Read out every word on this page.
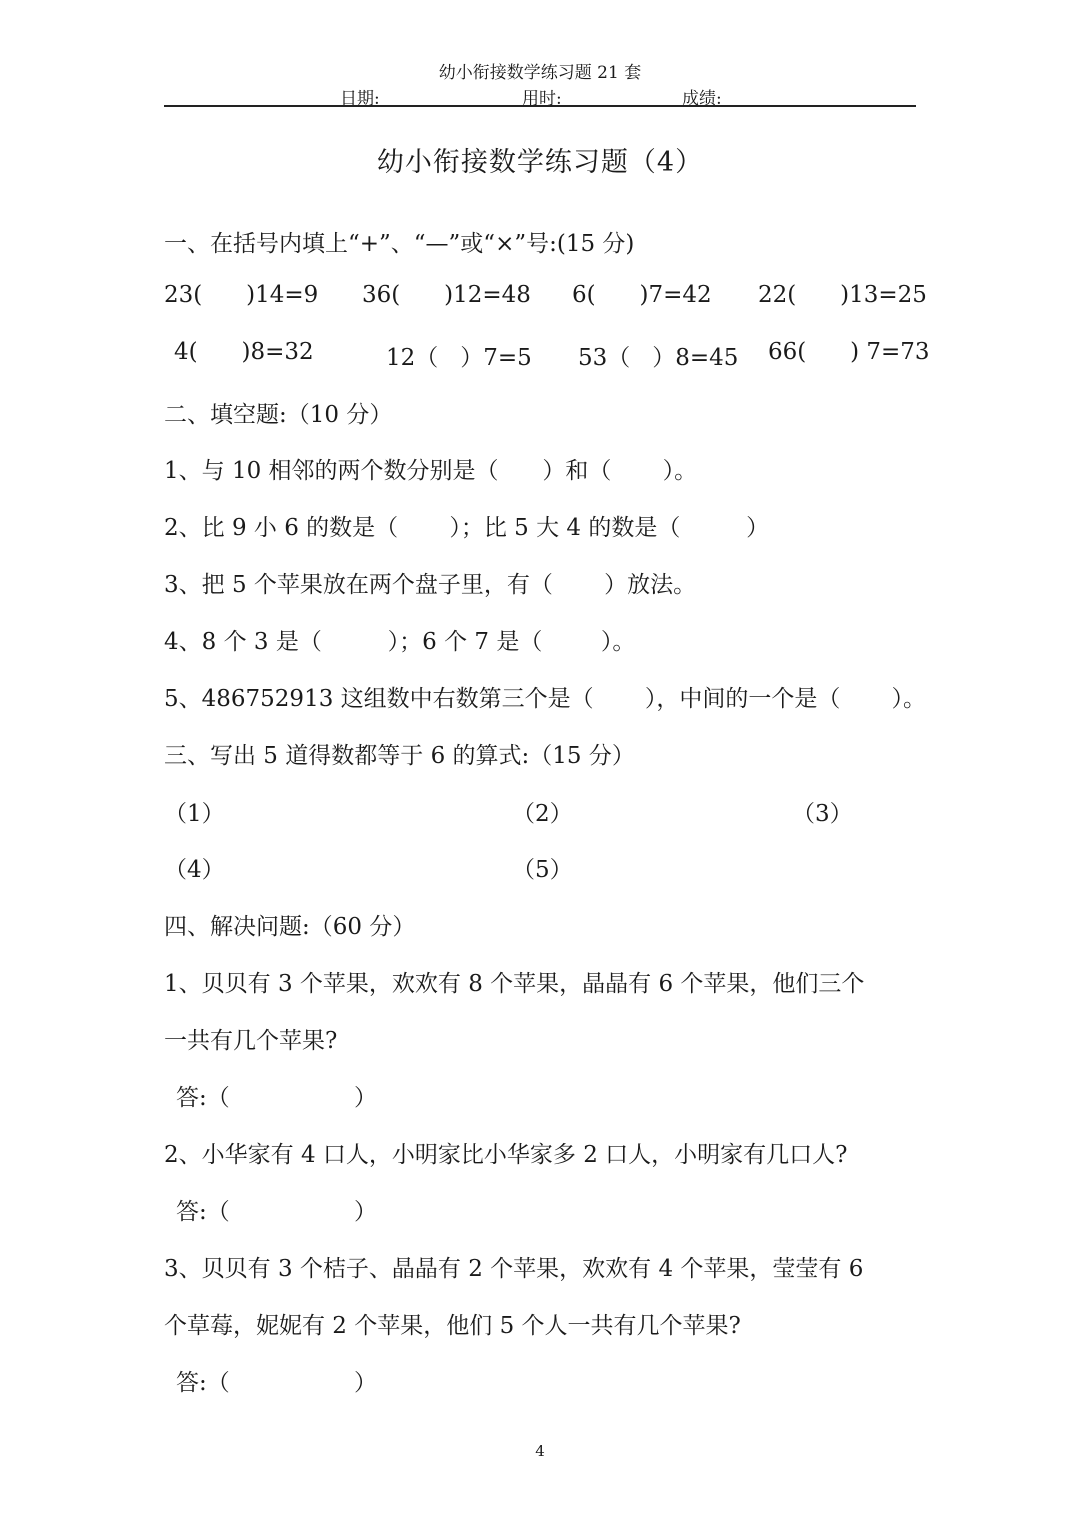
幼小衔接数学练习题 21 套
日期:	用时:	成绩:
幼小衔接数学练习题（4）
一、在括号内填上“+”、“—”或“×”号:(15 分)
23(      )14=9 36(      )12=48 6(      )7=42 22(      )13=25
4(      )8=32	12（   ）7=5 53（   ）8=45 66(      ) 7=73
二、填空题:（10 分）
1、与 10 相邻的两个数分别是（      ）和（       ）。
2、比 9 小 6 的数是（       ）；比 5 大 4 的数是（         ）
3、把 5 个苹果放在两个盘子里，有（       ）放法。
4、8 个 3 是（         ）；6 个 7 是（        ）。
5、486752913 这组数中右数第三个是（       ），中间的一个是（       ）。
三、写出 5 道得数都等于 6 的算式:（15 分）
（1）	（2）	（3）
（4）	（5）
四、解决问题:（60 分）
1、贝贝有 3 个苹果，欢欢有 8 个苹果，晶晶有 6 个苹果，他们三个
一共有几个苹果?
答:（                 ）
2、小华家有 4 口人，小明家比小华家多 2 口人，小明家有几口人?
答:（                 ）
3、贝贝有 3 个桔子、晶晶有 2 个苹果，欢欢有 4 个苹果，莹莹有 6
个草莓，妮妮有 2 个苹果，他们 5 个人一共有几个苹果?
答:（                 ）
4
